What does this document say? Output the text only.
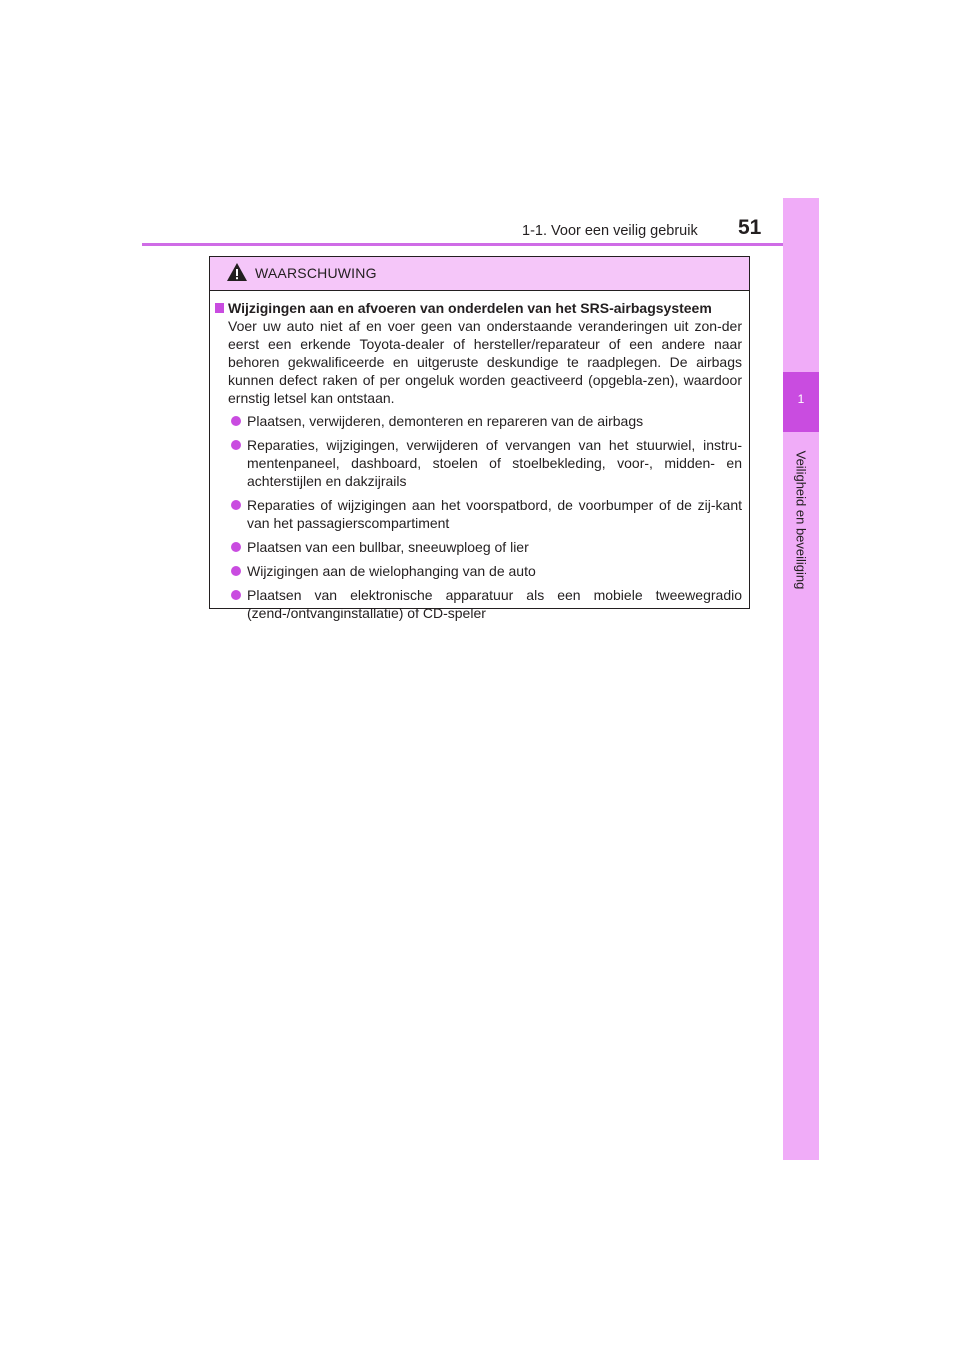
1-1. Voor een veilig gebruik 51
1
Veiligheid en beveiliging
WAARSCHUWING
Wijzigingen aan en afvoeren van onderdelen van het SRS-airbagsysteem
Voer uw auto niet af en voer geen van onderstaande veranderingen uit zon-der eerst een erkende Toyota-dealer of hersteller/reparateur of een andere naar behoren gekwalificeerde en uitgeruste deskundige te raadplegen. De airbags kunnen defect raken of per ongeluk worden geactiveerd (opgebla-zen), waardoor ernstig letsel kan ontstaan.
Plaatsen, verwijderen, demonteren en repareren van de airbags
Reparaties, wijzigingen, verwijderen of vervangen van het stuurwiel, instru-mentenpaneel, dashboard, stoelen of stoelbekleding, voor-, midden- en achterstijlen en dakzijrails
Reparaties of wijzigingen aan het voorspatbord, de voorbumper of de zij-kant van het passagierscompartiment
Plaatsen van een bullbar, sneeuwploeg of lier
Wijzigingen aan de wielophanging van de auto
Plaatsen van elektronische apparatuur als een mobiele tweewegradio (zend-/ontvanginstallatie) of CD-speler
